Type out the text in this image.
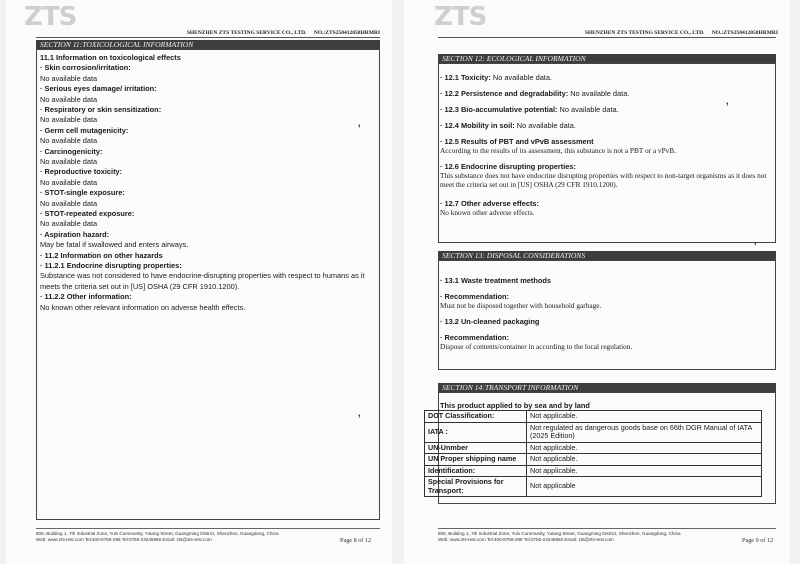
ZTS
SHENZHEN ZTS TESTING SERVICE CO., LTD. NO.:ZTS250412058HRMRI
SECTION 11:TOXICOLOGICAL INFORMATION
11.1 Information on toxicological effects
· Skin corrosion/irritation:
No available data
· Serious eyes damage/ irritation:
No available data
· Respiratory or skin sensitization:
No available data
· Germ cell mutagenicity:
No available data
· Carcinogenicity:
No available data
· Reproductive toxicity:
No available data
· STOT-single exposure:
No available data
· STOT-repeated exposure:
No available data
· Aspiration hazard:
May be fatal if swallowed and enters airways.
· 11.2 Information on other hazards
· 11.2.1 Endocrine disrupting properties:
Substance was not considered to have endocrine-disrupting properties with respect to humans as it
meets the criteria set out in [US] OSHA (29 CFR 1910.1200).
· 11.2.2 Other information:
No known other relevant information on adverse health effects.
,
,
806, Building 1, 7th Industrial Zone, Yulv Community, Yutang Street, Guangming District, Shenzhen, Guangdong, China
Web: www.zts-test.com Tel:400-8768-298 Tel:0755-23245950 Email: zts@zts-test.com	Page 8 of 12
ZTS
SHENZHEN ZTS TESTING SERVICE CO., LTD. NO.:ZTS250412058HRMRI
SECTION 12: ECOLOGICAL INFORMATION
· 12.1 Toxicity: No available data.
· 12.2 Persistence and degradability: No available data.
· 12.3 Bio-accumulative potential: No available data.
· 12.4 Mobility in soil: No available data.
· 12.5 Results of PBT and vPvB assessment
According to the results of its assessment, this substance is not a PBT or a vPvB.
· 12.6 Endocrine disrupting properties:
This substance does not have endocrine disrupting properties with respect to non-target organisms as it does not meet the criteria set out in [US] OSHA (29 CFR 1910.1200).
· 12.7 Other adverse effects:
No known other adverse effects.
,
,
SECTION 13: DISPOSAL CONSIDERATIONS
· 13.1 Waste treatment methods
· Recommendation:
Must not be disposed together with household garbage.
· 13.2 Un-cleaned packaging
· Recommendation:
Dispose of contents/container in according to the local regulation.
SECTION 14:TRANSPORT INFORMATION
This product applied to by sea and by land
DOT Classification:	Not applicable.
IATA :	Not regulated as dangerous goods base on 66th DGR Manual of IATA (2025 Edition)
UN-Unmber	Not applicable.
UN Proper shipping name	Not applicable.
Identification:	Not applicable.
Special Provisions for Transport:	Not applicable
806, Building 1, 7th Industrial Zone, Yulv Community, Yutang Street, Guangming District, Shenzhen, Guangdong, China
Web: www.zts-test.com Tel:400-8768-298 Tel:0755-23245950 Email: zts@zts-test.com	Page 9 of 12
